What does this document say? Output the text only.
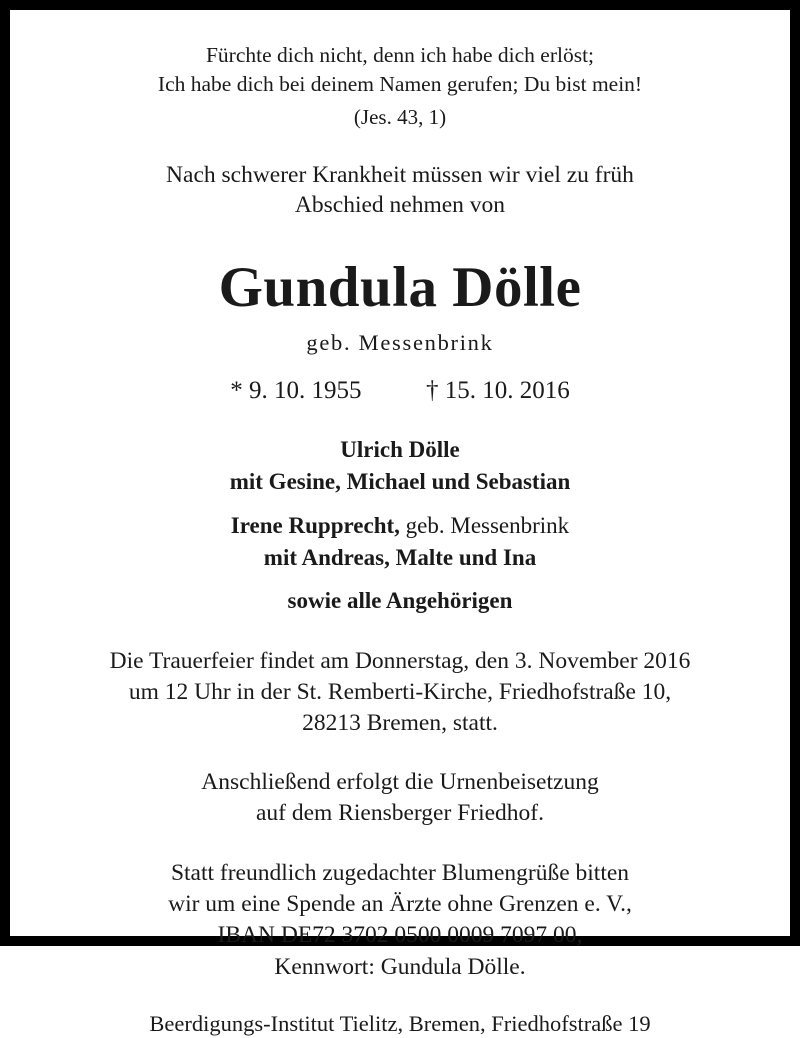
Fürchte dich nicht, denn ich habe dich erlöst;
Ich habe dich bei deinem Namen gerufen; Du bist mein!
(Jes. 43, 1)
Nach schwerer Krankheit müssen wir viel zu früh
Abschied nehmen von
Gundula Dölle
geb. Messenbrink
* 9. 10. 1955	† 15. 10. 2016
Ulrich Dölle
mit Gesine, Michael und Sebastian
Irene Rupprecht, geb. Messenbrink
mit Andreas, Malte und Ina
sowie alle Angehörigen
Die Trauerfeier findet am Donnerstag, den 3. November 2016
um 12 Uhr in der St. Remberti-Kirche, Friedhofstraße 10,
28213 Bremen, statt.
Anschließend erfolgt die Urnenbeisetzung
auf dem Riensberger Friedhof.
Statt freundlich zugedachter Blumengrüße bitten
wir um eine Spende an Ärzte ohne Grenzen e. V.,
IBAN DE72 3702 0500 0009 7097 00,
Kennwort: Gundula Dölle.
Beerdigungs-Institut Tielitz, Bremen, Friedhofstraße 19
